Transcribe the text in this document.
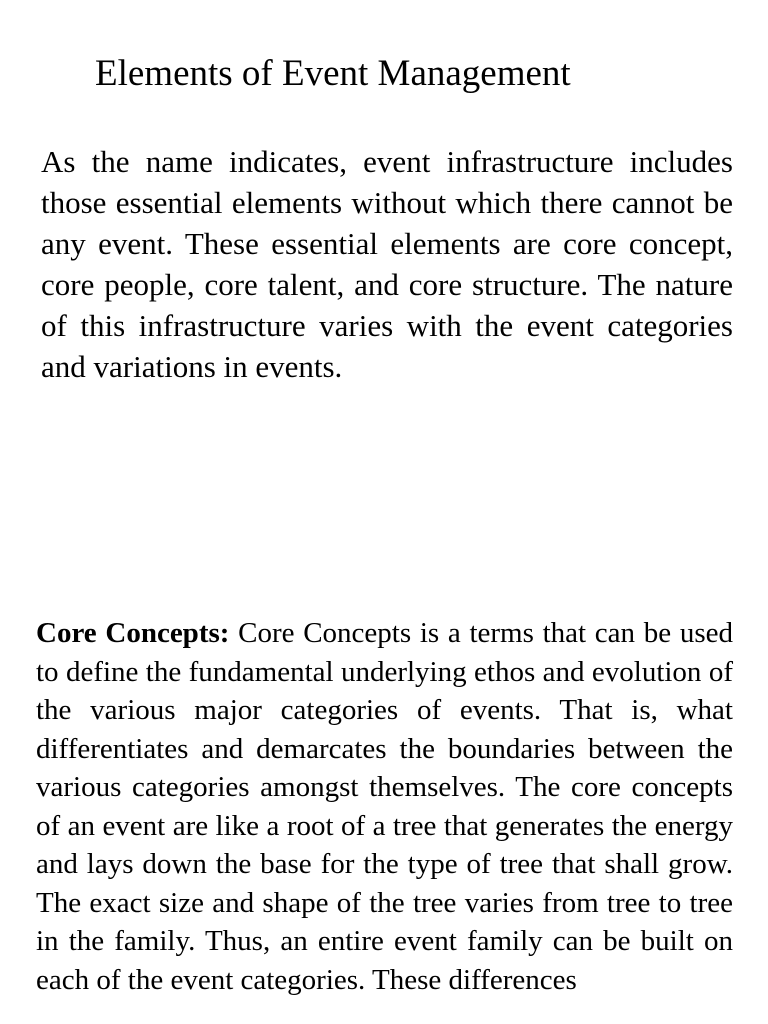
Elements of Event Management

As the name indicates, event infrastructure includes those essential elements without which there cannot be any event. These essential elements are core concept, core people, core talent, and core structure. The nature of this infrastructure varies with the event categories and variations in events.

Core Concepts: Core Concepts is a terms that can be used to define the fundamental underlying ethos and evolution of the various major categories of events. That is, what differentiates and demarcates the boundaries between the various categories amongst themselves. The core concepts of an event are like a root of a tree that generates the energy and lays down the base for the type of tree that shall grow. The exact size and shape of the tree varies from tree to tree in the family. Thus, an entire event family can be built on each of the event categories. These differences
